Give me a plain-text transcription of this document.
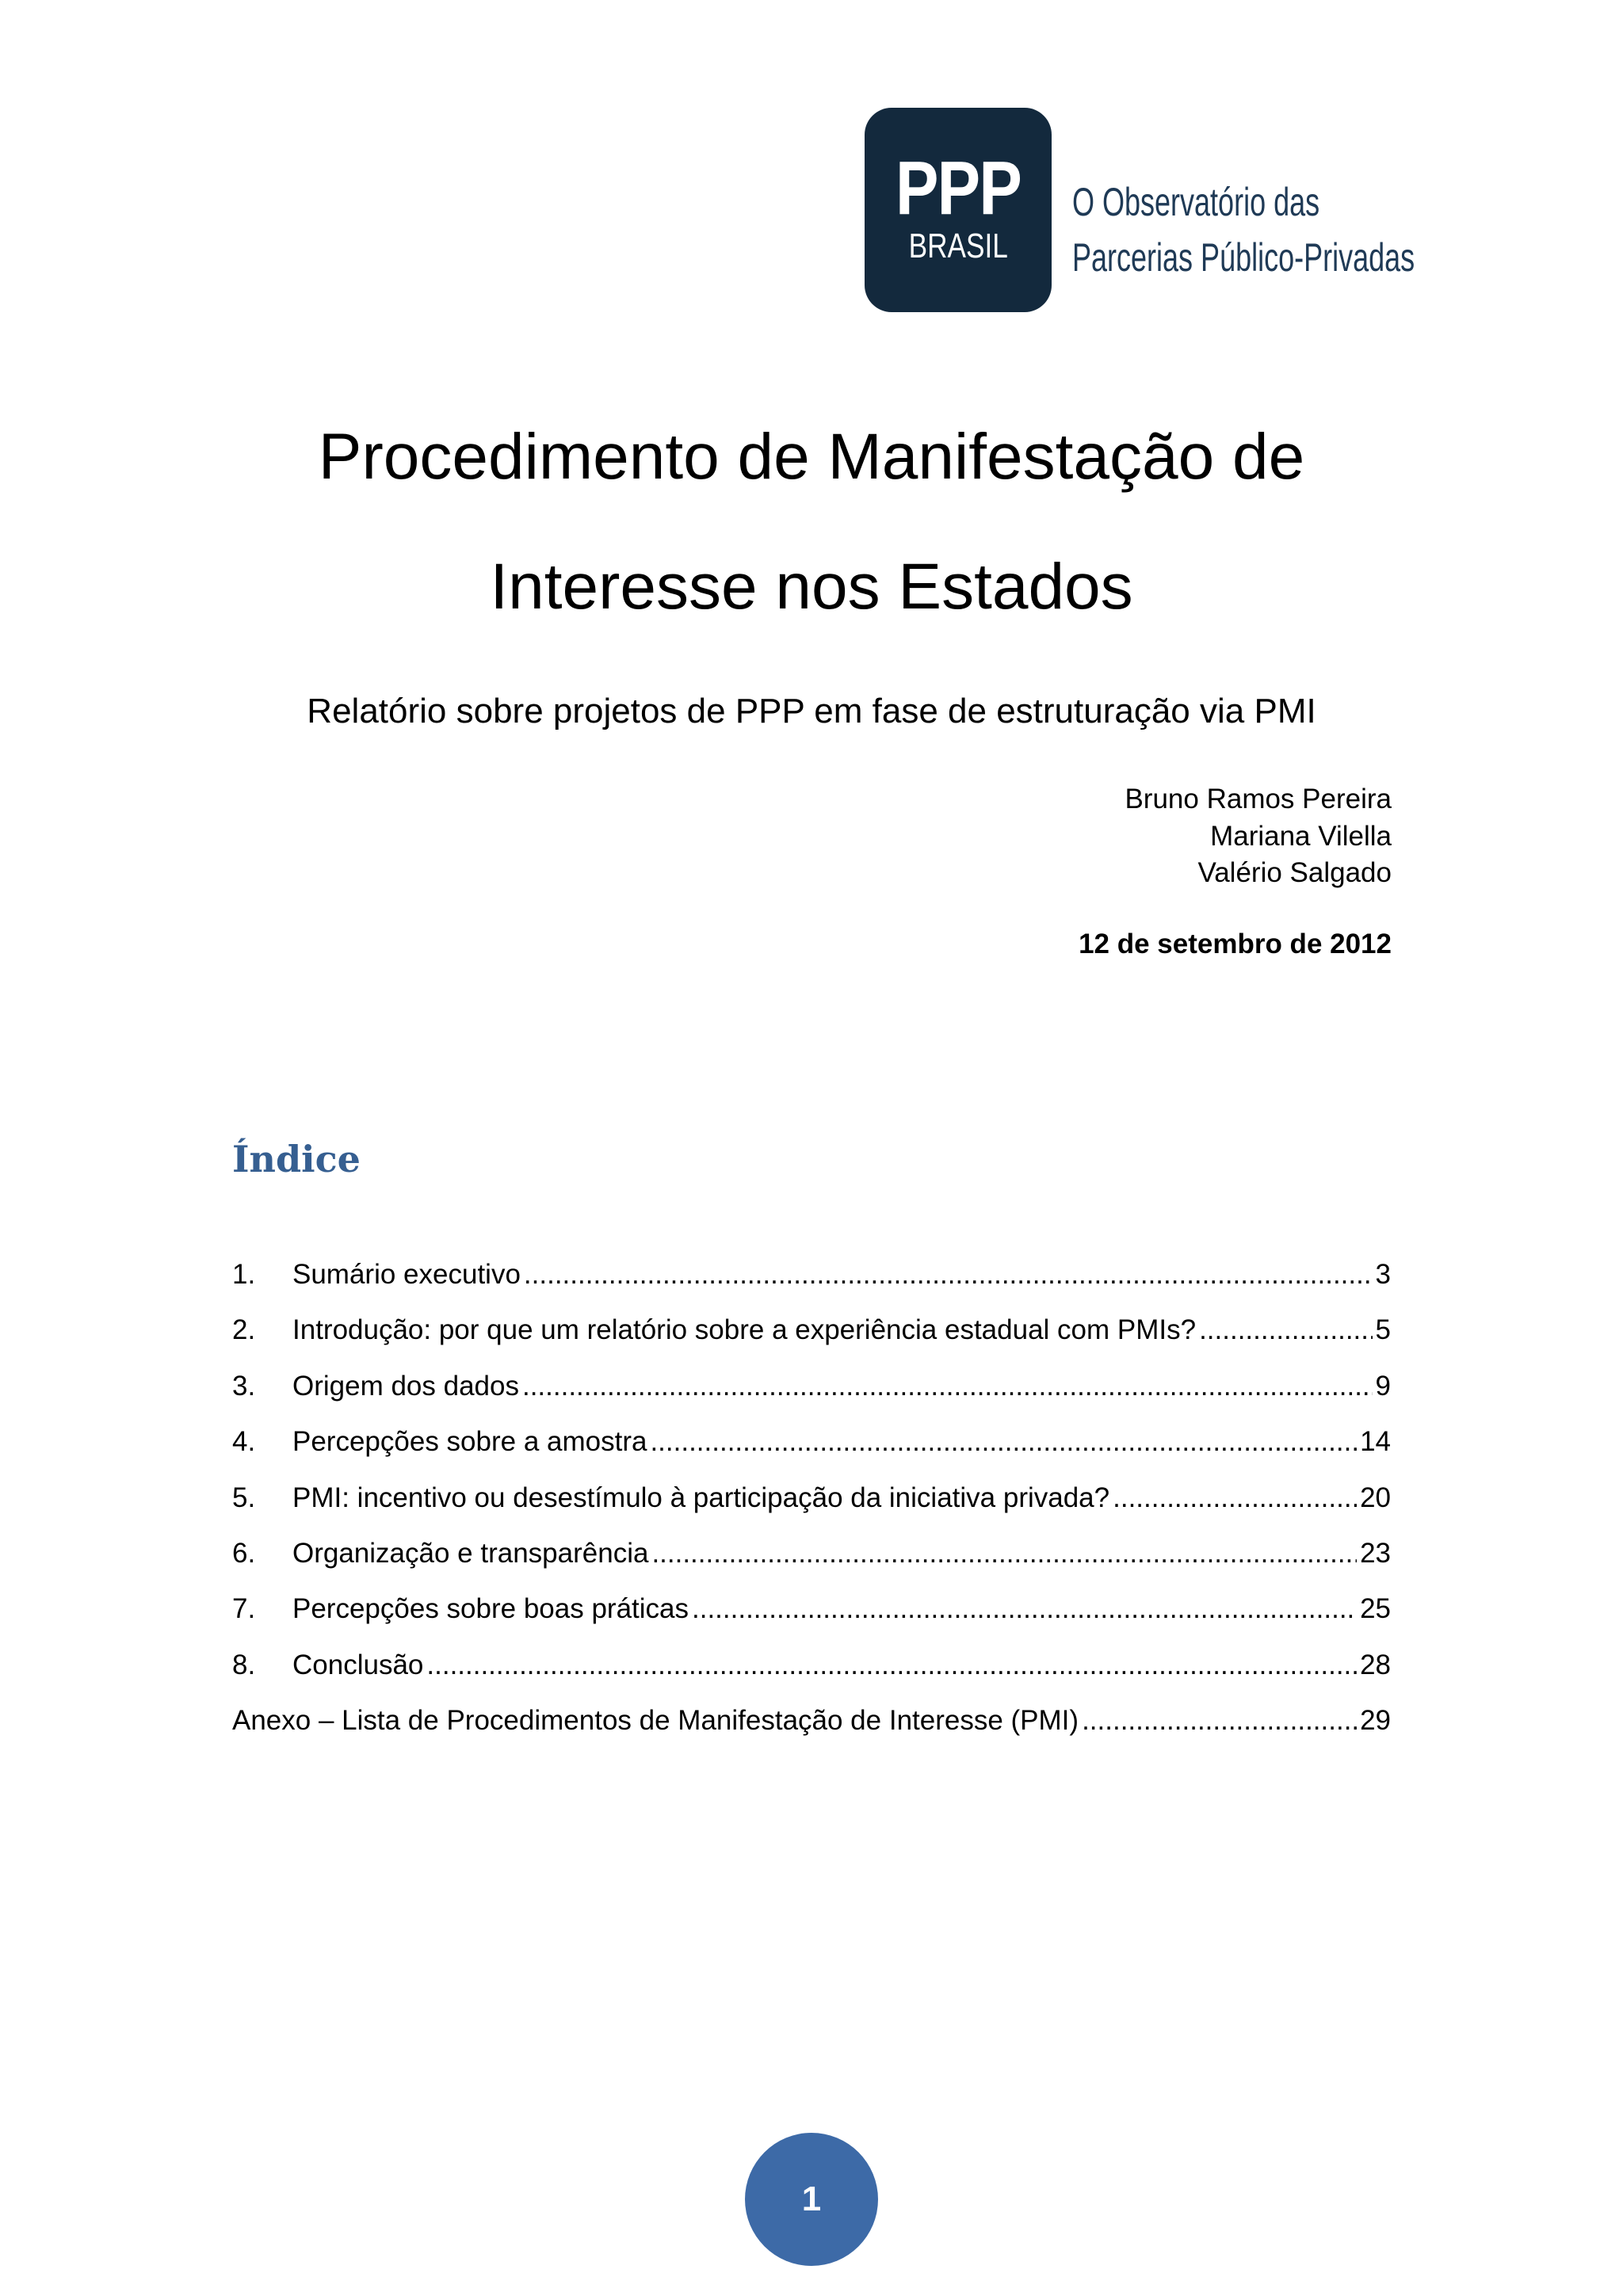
PPP
BRASIL
O Observatório das
Parcerias Público-Privadas
Procedimento de Manifestação de
Interesse nos Estados
Relatório sobre projetos de PPP em fase de estruturação via PMI
Bruno Ramos Pereira
Mariana Vilella
Valério Salgado
12 de setembro de 2012
Índice
1.	Sumário executivo .....	3
2.	Introdução: por que um relatório sobre a experiência estadual com PMIs? .....	5
3.	Origem dos dados .....	9
4.	Percepções sobre a amostra .....	14
5.	PMI: incentivo ou desestímulo à participação da iniciativa privada? .....	20
6.	Organização e transparência .....	23
7.	Percepções sobre boas práticas .....	25
8.	Conclusão .....	28
Anexo – Lista de Procedimentos de Manifestação de Interesse (PMI) .....	29
1
